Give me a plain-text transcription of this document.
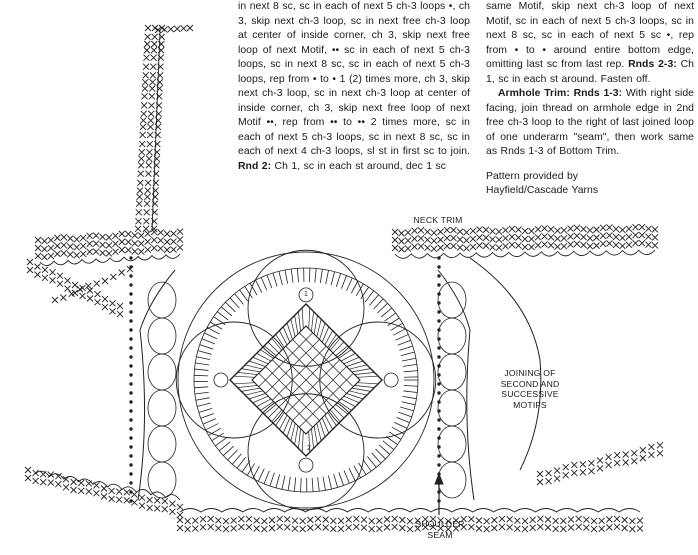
1
2

in next 8 sc, sc in each of next 5 ch-3 loops •, ch 3, skip next ch-3 loop, sc in next free ch-3 loop at center of inside corner, ch 3, skip next free loop of next Motif, •• sc in each of next 5 ch-3 loops, sc in next 8 sc, sc in each of next 5 ch-3 loops, rep from • to • 1 (2) times more, ch 3, skip next ch-3 loop, sc in next ch-3 loop at center of inside corner, ch 3, skip next free loop of next Motif ••, rep from •• to •• 2 times more, sc in each of next 5 ch-3 loops, sc in next 8 sc, sc in each of next 4 ch-3 loops, sl st in first sc to join. Rnd 2: Ch 1, sc in each st around, dec 1 sc

same Motif, skip next ch-3 loop of next Motif, sc in each of next 5 ch-3 loops, sc in next 8 sc, sc in each of next 5 sc •, rep from • to • around entire bottom edge, omitting last sc from last rep. Rnds 2-3: Ch 1, sc in each st around. Fasten off.

Armhole Trim: Rnds 1-3: With right side facing, join thread on armhole edge in 2nd free ch-3 loop to the right of last joined loop of one underarm "seam", then work same as Rnds 1-3 of Bottom Trim.

Pattern provided by
Hayfield/Cascade Yarns

NECK TRIM
JOINING OF
SECOND AND
SUCCESSIVE
MOTIFS
SHOULDER
SEAM
